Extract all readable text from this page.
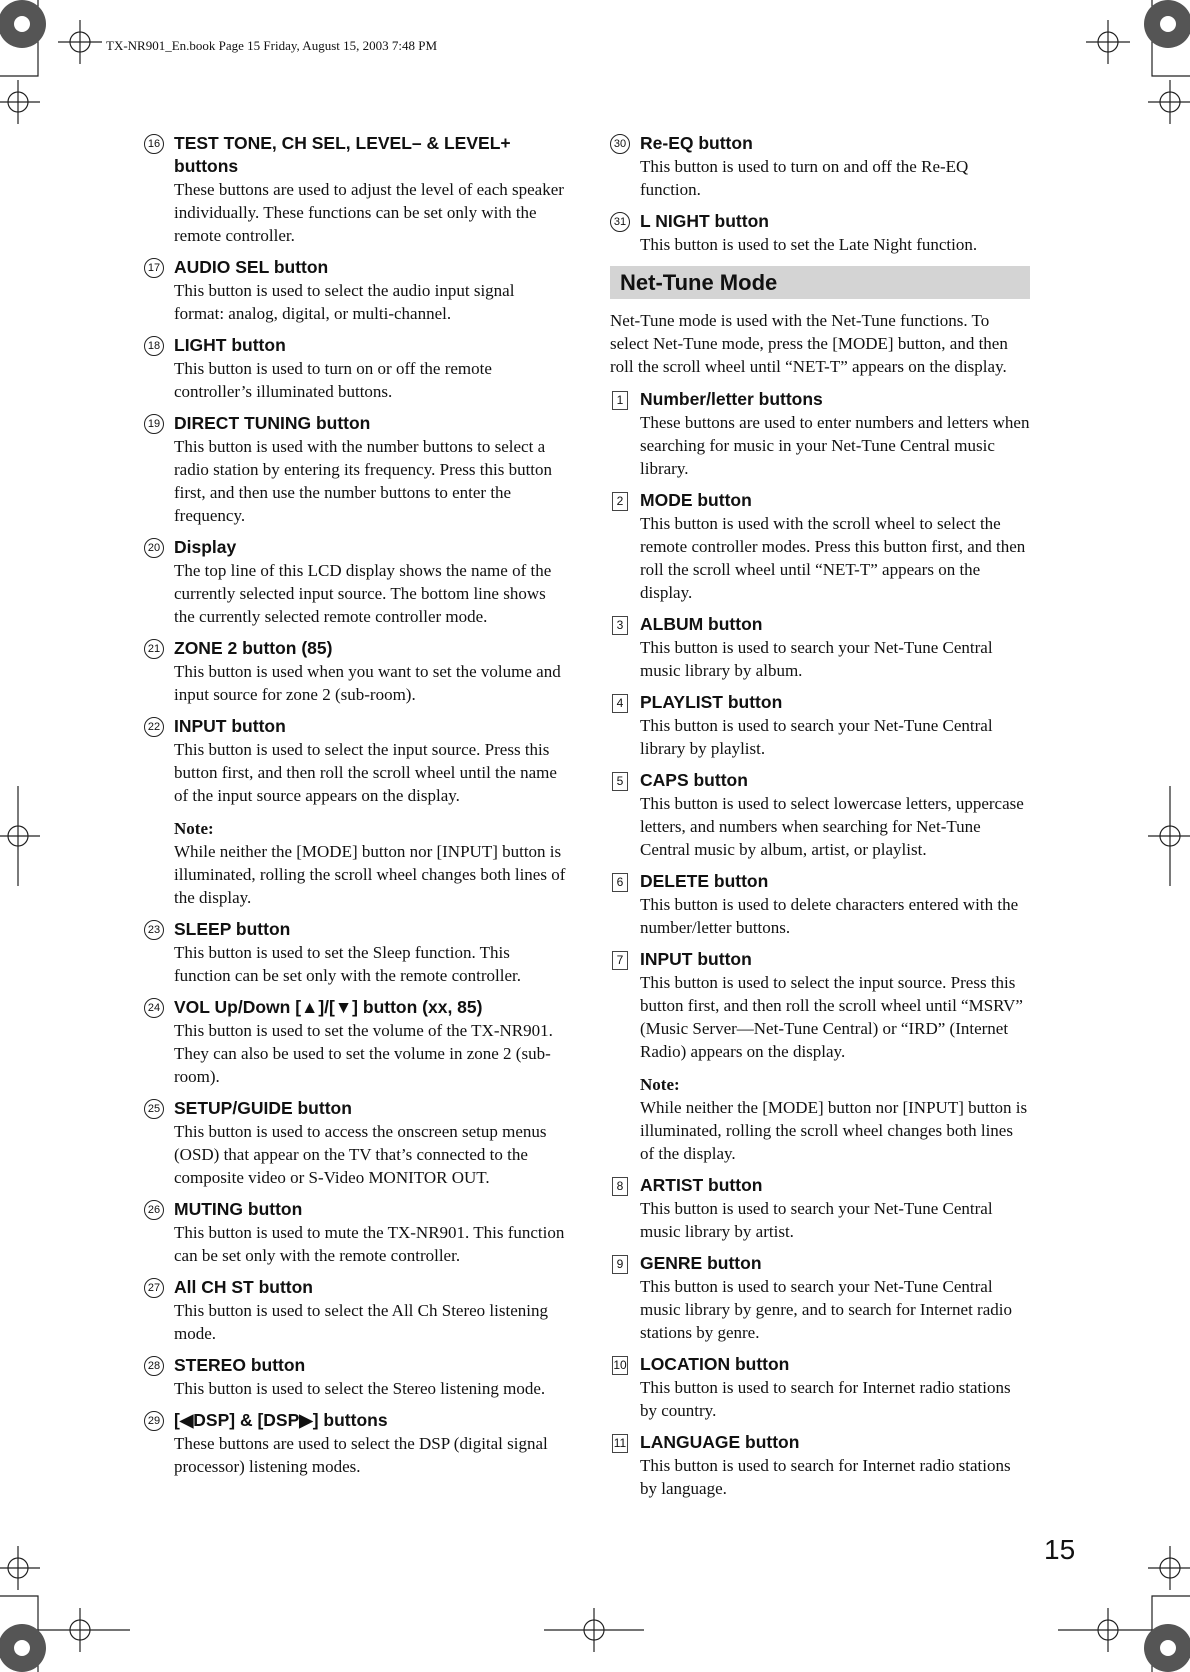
TX-NR901_En.book Page 15 Friday, August 15, 2003 7:48 PM
16 TEST TONE, CH SEL, LEVEL– & LEVEL+ buttons
These buttons are used to adjust the level of each speaker individually. These functions can be set only with the remote controller.
17 AUDIO SEL button
This button is used to select the audio input signal format: analog, digital, or multi-channel.
18 LIGHT button
This button is used to turn on or off the remote controller’s illuminated buttons.
19 DIRECT TUNING button
This button is used with the number buttons to select a radio station by entering its frequency. Press this button first, and then use the number buttons to enter the frequency.
20 Display
The top line of this LCD display shows the name of the currently selected input source. The bottom line shows the currently selected remote controller mode.
21 ZONE 2 button (85)
This button is used when you want to set the volume and input source for zone 2 (sub-room).
22 INPUT button
This button is used to select the input source. Press this button first, and then roll the scroll wheel until the name of the input source appears on the display.
Note:
While neither the [MODE] button nor [INPUT] button is illuminated, rolling the scroll wheel changes both lines of the display.
23 SLEEP button
This button is used to set the Sleep function. This function can be set only with the remote controller.
24 VOL Up/Down [▲]/[▼] button (xx, 85)
This button is used to set the volume of the TX-NR901. They can also be used to set the volume in zone 2 (sub-room).
25 SETUP/GUIDE button
This button is used to access the onscreen setup menus (OSD) that appear on the TV that’s connected to the composite video or S-Video MONITOR OUT.
26 MUTING button
This button is used to mute the TX-NR901. This function can be set only with the remote controller.
27 All CH ST button
This button is used to select the All Ch Stereo listening mode.
28 STEREO button
This button is used to select the Stereo listening mode.
29 [◀DSP] & [DSP▶] buttons
These buttons are used to select the DSP (digital signal processor) listening modes.
30 Re-EQ button
This button is used to turn on and off the Re-EQ function.
31 L NIGHT button
This button is used to set the Late Night function.
Net-Tune Mode
Net-Tune mode is used with the Net-Tune functions. To select Net-Tune mode, press the [MODE] button, and then roll the scroll wheel until “NET-T” appears on the display.
1 Number/letter buttons
These buttons are used to enter numbers and letters when searching for music in your Net-Tune Central music library.
2 MODE button
This button is used with the scroll wheel to select the remote controller modes. Press this button first, and then roll the scroll wheel until “NET-T” appears on the display.
3 ALBUM button
This button is used to search your Net-Tune Central music library by album.
4 PLAYLIST button
This button is used to search your Net-Tune Central library by playlist.
5 CAPS button
This button is used to select lowercase letters, uppercase letters, and numbers when searching for Net-Tune Central music by album, artist, or playlist.
6 DELETE button
This button is used to delete characters entered with the number/letter buttons.
7 INPUT button
This button is used to select the input source. Press this button first, and then roll the scroll wheel until “MSRV” (Music Server—Net-Tune Central) or “IRD” (Internet Radio) appears on the display.
Note:
While neither the [MODE] button nor [INPUT] button is illuminated, rolling the scroll wheel changes both lines of the display.
8 ARTIST button
This button is used to search your Net-Tune Central music library by artist.
9 GENRE button
This button is used to search your Net-Tune Central music library by genre, and to search for Internet radio stations by genre.
10 LOCATION button
This button is used to search for Internet radio stations by country.
11 LANGUAGE button
This button is used to search for Internet radio stations by language.
15
